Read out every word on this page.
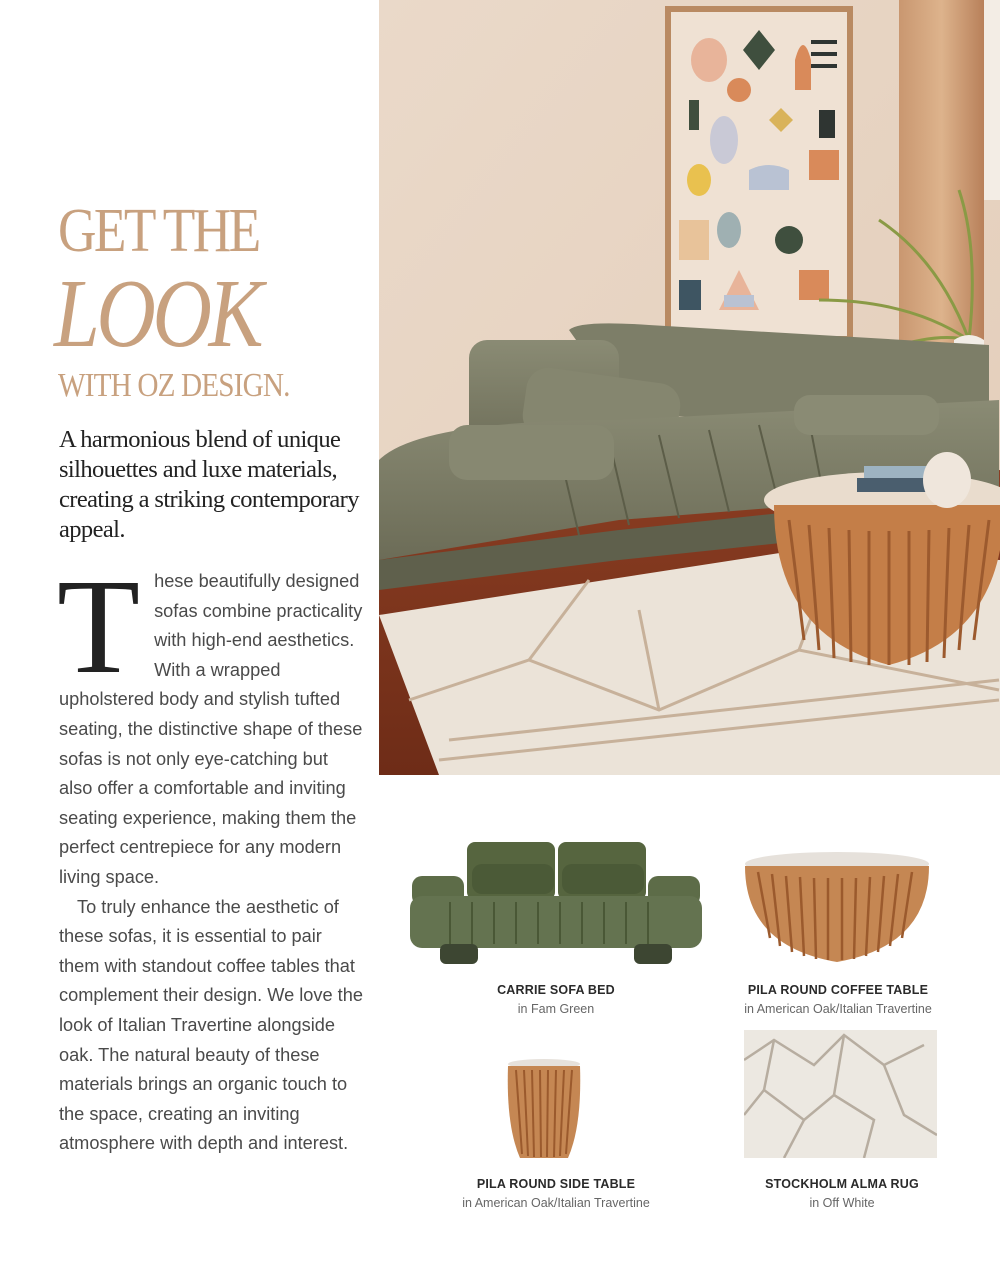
GET THE
LOOK
WITH OZ DESIGN.
A harmonious blend of unique silhouettes and luxe materials, creating a striking contemporary appeal.

These beautifully designed sofas combine practicality with high-end aesthetics. With a wrapped upholstered body and stylish tufted seating, the distinctive shape of these sofas is not only eye-catching but also offer a comfortable and inviting seating experience, making them the perfect centrepiece for any modern living space.

To truly enhance the aesthetic of these sofas, it is essential to pair them with standout coffee tables that complement their design. We love the look of Italian Travertine alongside oak. The natural beauty of these materials brings an organic touch to the space, creating an inviting atmosphere with depth and interest.

CARRIE SOFA BED
in Fam Green
PILA ROUND COFFEE TABLE
in American Oak/Italian Travertine
PILA ROUND SIDE TABLE
in American Oak/Italian Travertine
STOCKHOLM ALMA RUG
in Off White
